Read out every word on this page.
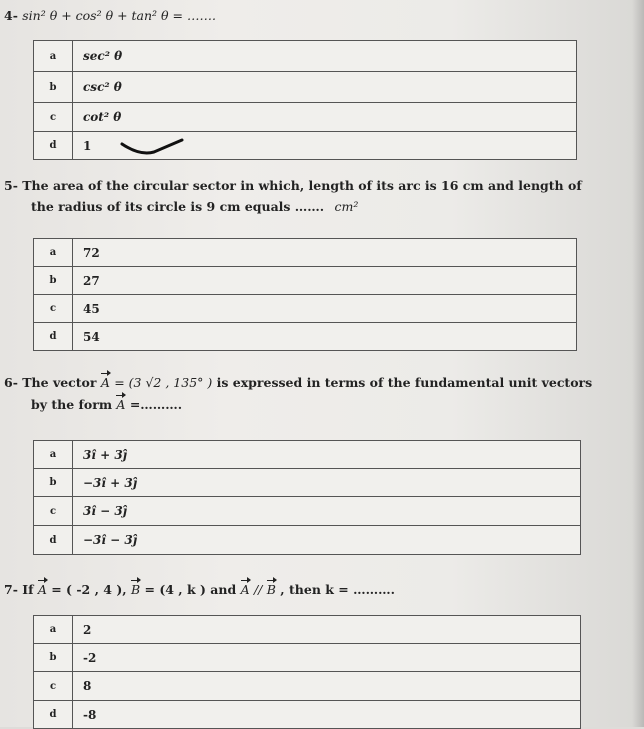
4- sin² θ + cos² θ + tan² θ = …….
a	sec² θ
b	csc² θ
c	cot² θ
d	1
5- The area of the circular sector in which, length of its arc is 16 cm and length of
the radius of its circle is 9 cm equals ……. cm²
a	72
b	27
c	45
d	54
6- The vector A = (3 √2 , 135° ) is expressed in terms of the fundamental unit vectors
by the form A =……….
a	3î + 3ĵ
b	−3î + 3ĵ
c	3î − 3ĵ
d	−3î − 3ĵ
7- If A = ( -2 , 4 ), B = (4 , k ) and A // B , then k = ……….
a	2
b	-2
c	8
d	-8
